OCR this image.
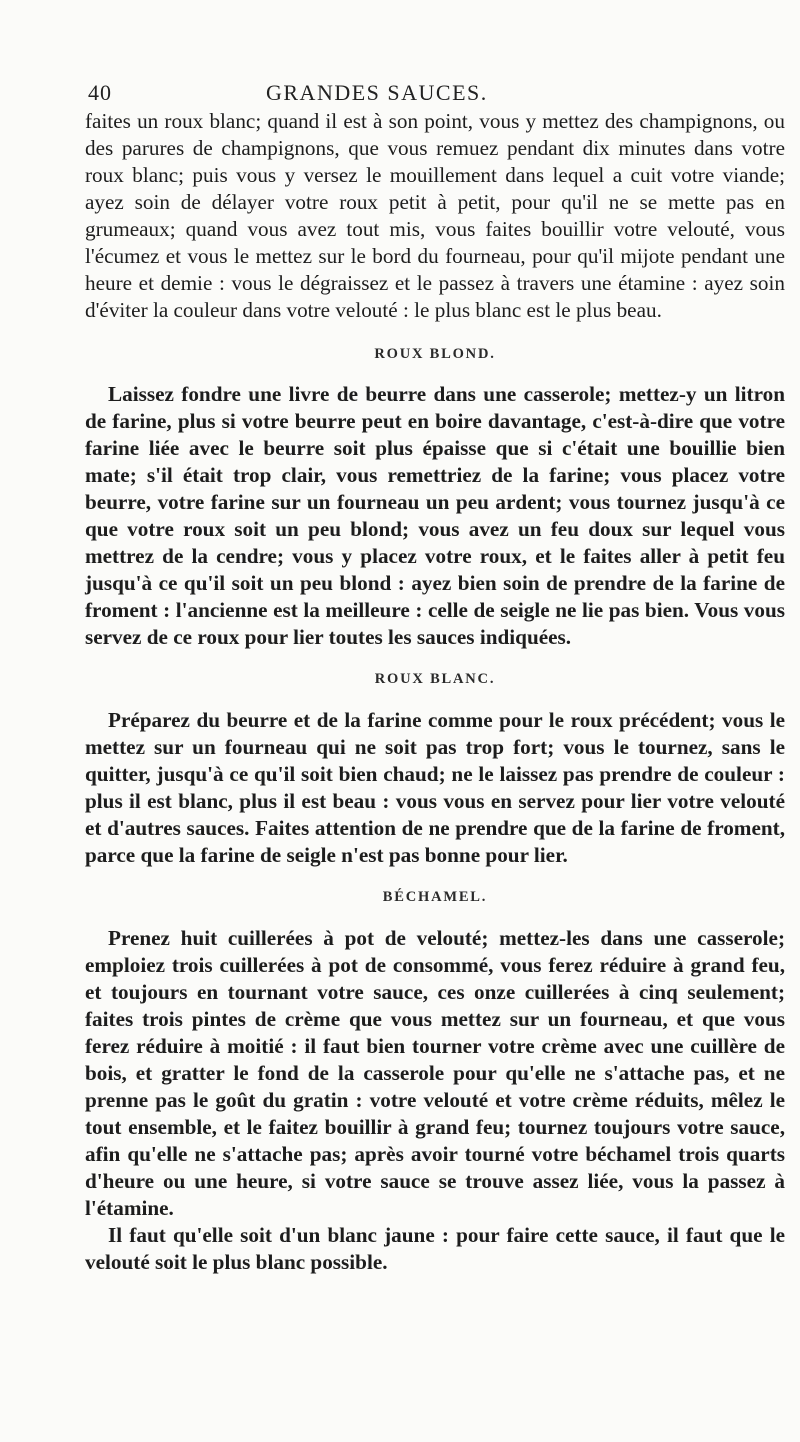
40	GRANDES SAUCES.

faites un roux blanc; quand il est à son point, vous y mettez des champignons, ou des parures de champignons, que vous remuez pendant dix minutes dans votre roux blanc; puis vous y versez le mouillement dans lequel a cuit votre viande; ayez soin de délayer votre roux petit à petit, pour qu'il ne se mette pas en grumeaux; quand vous avez tout mis, vous faites bouillir votre velouté, vous l'écumez et vous le mettez sur le bord du fourneau, pour qu'il mijote pendant une heure et demie : vous le dégraissez et le passez à travers une étamine : ayez soin d'éviter la couleur dans votre velouté : le plus blanc est le plus beau.

ROUX BLOND.

Laissez fondre une livre de beurre dans une casserole; mettez-y un litron de farine, plus si votre beurre peut en boire davantage, c'est-à-dire que votre farine liée avec le beurre soit plus épaisse que si c'était une bouillie bien mate; s'il était trop clair, vous remettriez de la farine; vous placez votre beurre, votre farine sur un fourneau un peu ardent; vous tournez jusqu'à ce que votre roux soit un peu blond; vous avez un feu doux sur lequel vous mettrez de la cendre; vous y placez votre roux, et le faites aller à petit feu jusqu'à ce qu'il soit un peu blond : ayez bien soin de prendre de la farine de froment : l'ancienne est la meilleure : celle de seigle ne lie pas bien. Vous vous servez de ce roux pour lier toutes les sauces indiquées.

ROUX BLANC.

Préparez du beurre et de la farine comme pour le roux précédent; vous le mettez sur un fourneau qui ne soit pas trop fort; vous le tournez, sans le quitter, jusqu'à ce qu'il soit bien chaud; ne le laissez pas prendre de couleur : plus il est blanc, plus il est beau : vous vous en servez pour lier votre velouté et d'autres sauces. Faites attention de ne prendre que de la farine de froment, parce que la farine de seigle n'est pas bonne pour lier.

BÉCHAMEL.

Prenez huit cuillerées à pot de velouté; mettez-les dans une casserole; emploiez trois cuillerées à pot de consommé, vous ferez réduire à grand feu, et toujours en tournant votre sauce, ces onze cuillerées à cinq seulement; faites trois pintes de crème que vous mettez sur un fourneau, et que vous ferez réduire à moitié : il faut bien tourner votre crème avec une cuillère de bois, et gratter le fond de la casserole pour qu'elle ne s'attache pas, et ne prenne pas le goût du gratin : votre velouté et votre crème réduits, mêlez le tout ensemble, et le faitez bouillir à grand feu; tournez toujours votre sauce, afin qu'elle ne s'attache pas; après avoir tourné votre béchamel trois quarts d'heure ou une heure, si votre sauce se trouve assez liée, vous la passez à l'étamine.

Il faut qu'elle soit d'un blanc jaune : pour faire cette sauce, il faut que le velouté soit le plus blanc possible.
